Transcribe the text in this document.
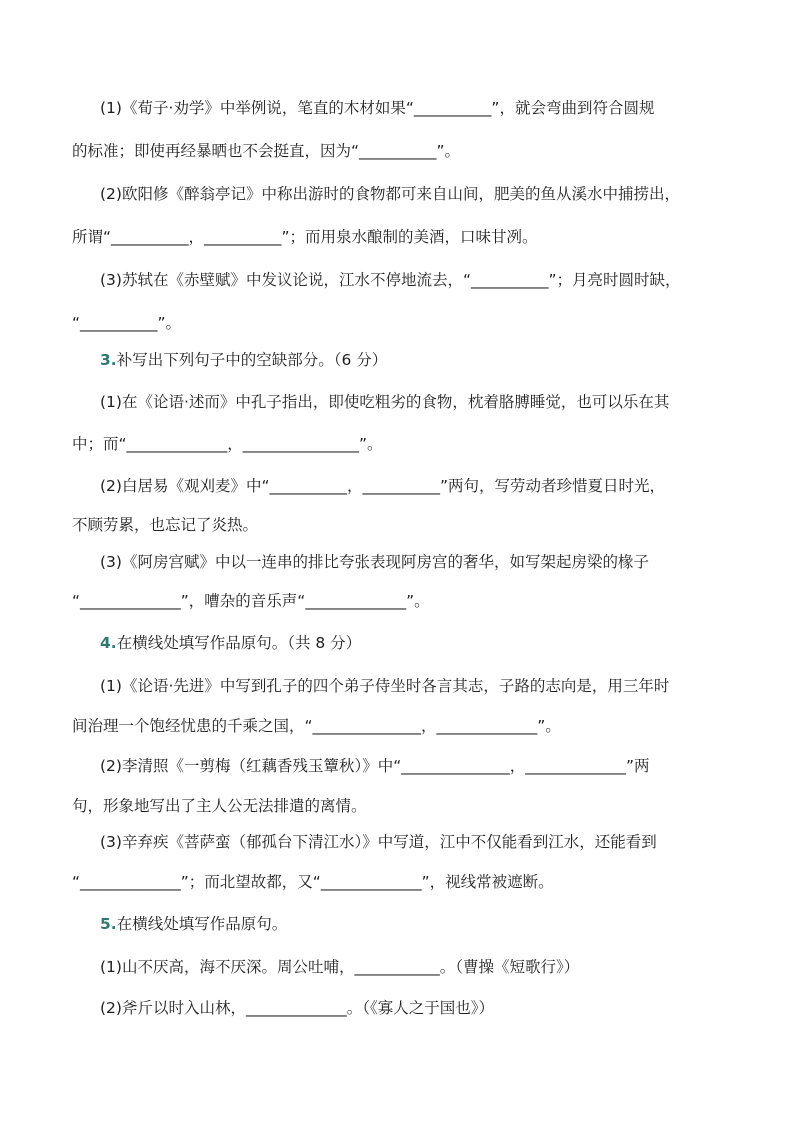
(1)《荀子·劝学》中举例说，笔直的木材如果“__________”，就会弯曲到符合圆规
的标准；即使再经暴晒也不会挺直，因为“__________”。
(2)欧阳修《醉翁亭记》中称出游时的食物都可来自山间，肥美的鱼从溪水中捕捞出，
所谓“__________，__________”；而用泉水酿制的美酒，口味甘冽。
(3)苏轼在《赤壁赋》中发议论说，江水不停地流去，“__________”；月亮时圆时缺，
“__________”。
3.补写出下列句子中的空缺部分。（6 分）
(1)在《论语·述而》中孔子指出，即使吃粗劣的食物，枕着胳膊睡觉，也可以乐在其
中；而“_____________，_______________”。
(2)白居易《观刈麦》中“__________，__________”两句，写劳动者珍惜夏日时光，
不顾劳累，也忘记了炎热。
(3)《阿房宫赋》中以一连串的排比夸张表现阿房宫的奢华，如写架起房梁的椽子
“_____________”，嘈杂的音乐声“_____________”。
4.在横线处填写作品原句。（共 8 分）
(1)《论语·先进》中写到孔子的四个弟子侍坐时各言其志，子路的志向是，用三年时
间治理一个饱经忧患的千乘之国，“______________，_____________”。
(2)李清照《一剪梅（红藕香残玉簟秋）》中“______________，_____________”两
句，形象地写出了主人公无法排遣的离情。
(3)辛弃疾《菩萨蛮（郁孤台下清江水）》中写道，江中不仅能看到江水，还能看到
“_____________”；而北望故都，又“_____________”，视线常被遮断。
5.在横线处填写作品原句。
(1)山不厌高，海不厌深。周公吐哺，___________。（曹操《短歌行》）
(2)斧斤以时入山林，_____________。（《寡人之于国也》）
